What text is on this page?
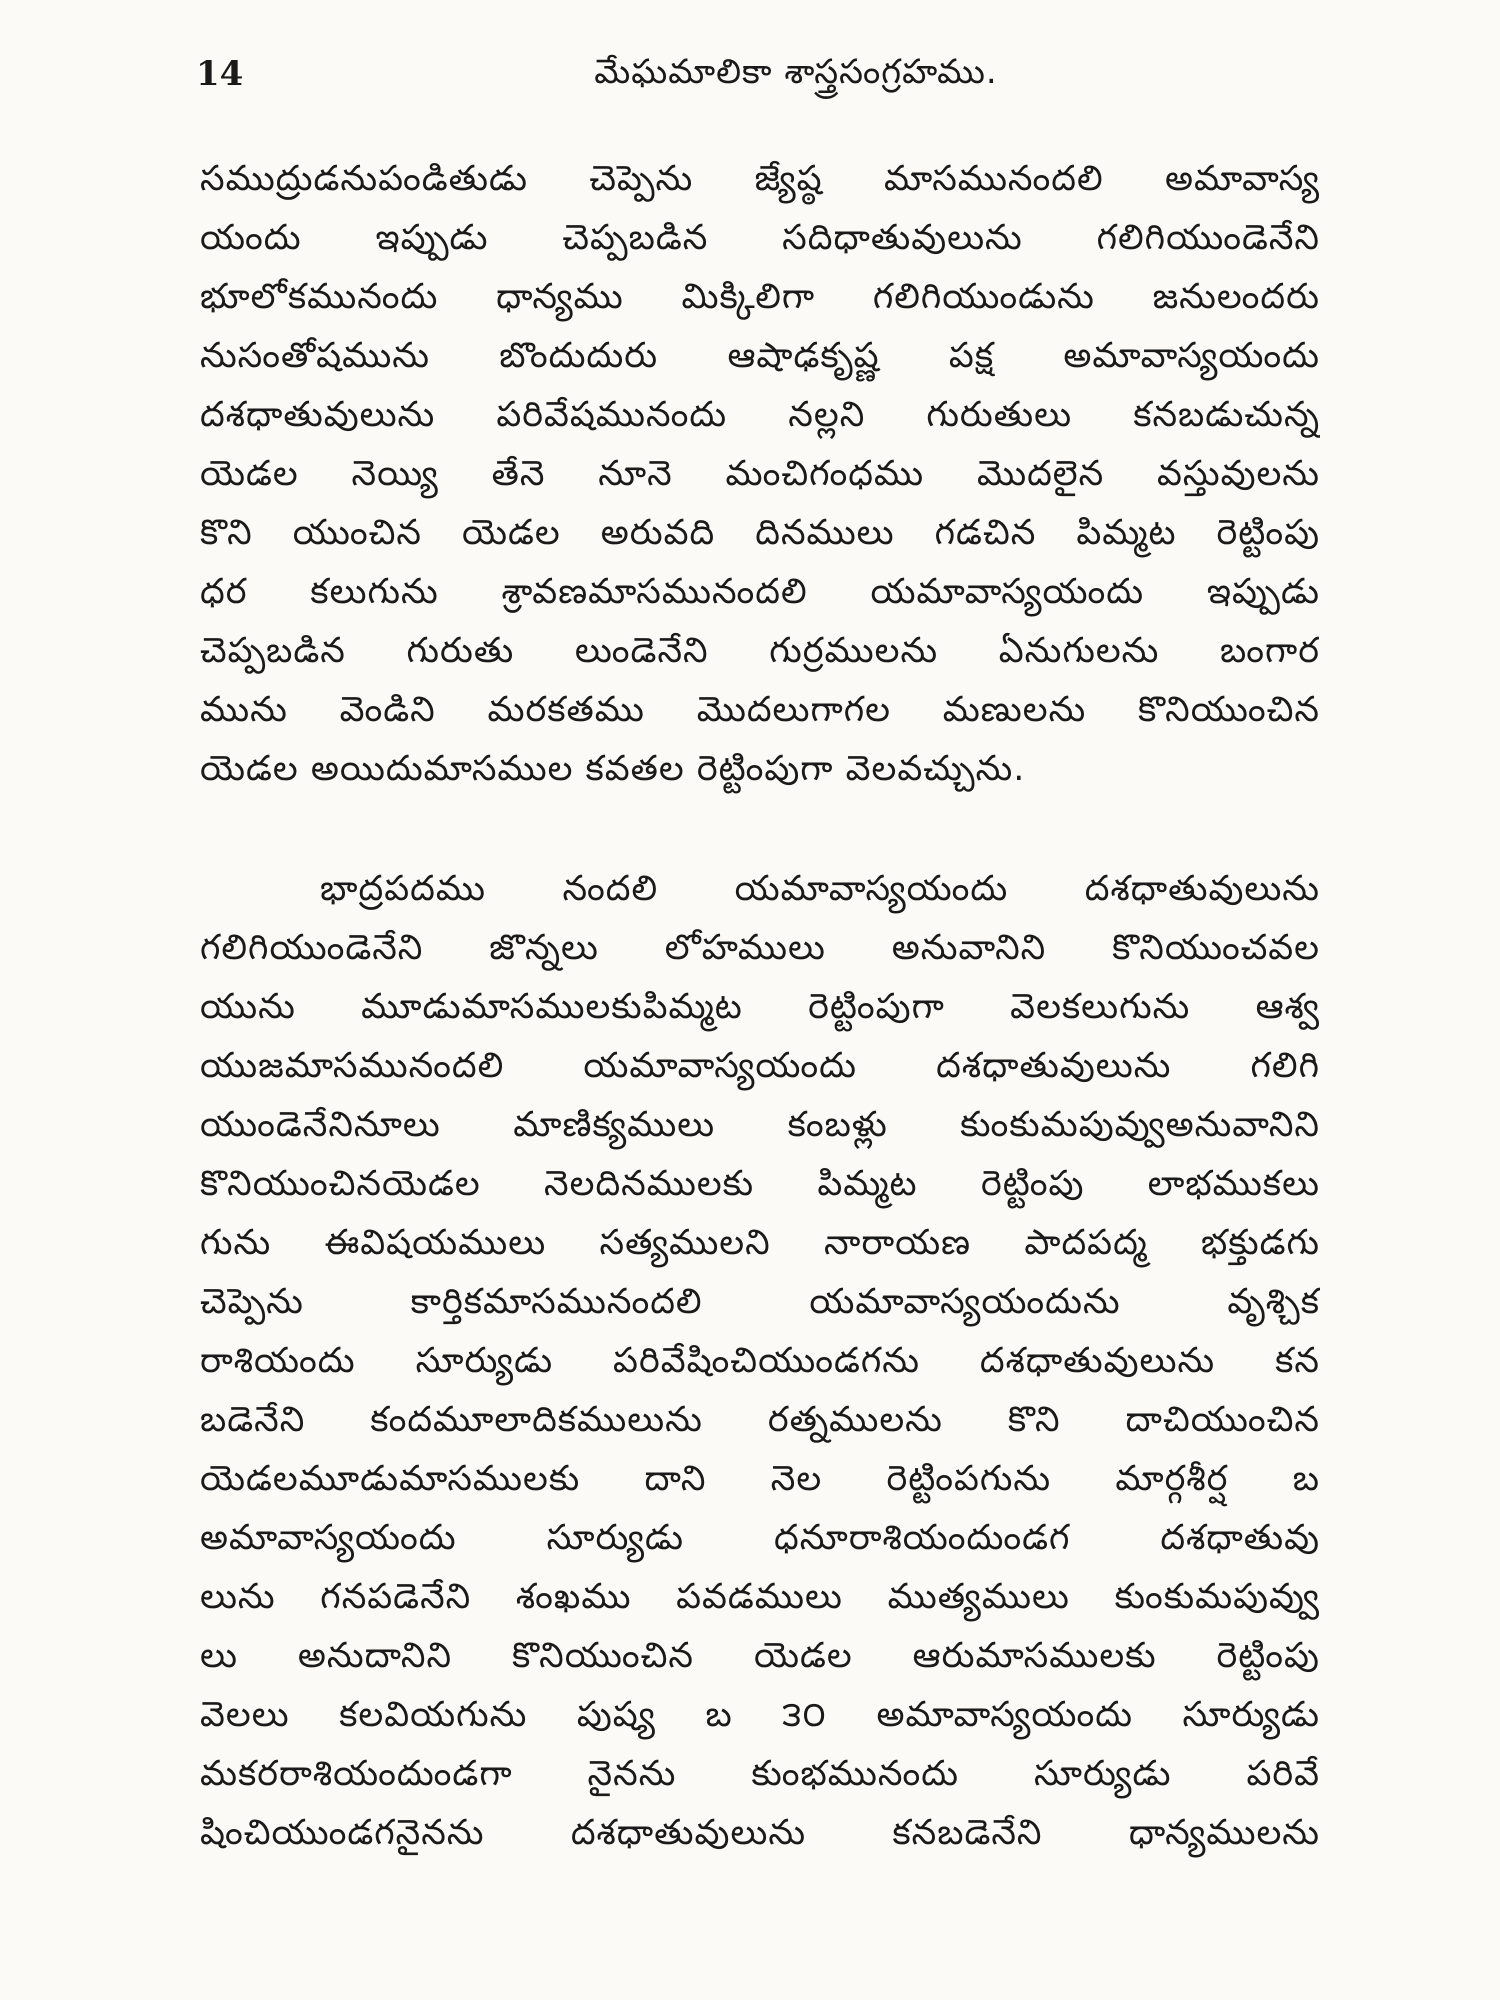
14	మేఘమాలికా శాస్త్రసంగ్రహము.
సముద్రుడనుపండితుడు చెప్పెను జ్యేష్ఠ మాసమునందలి అమావాస్య
యందు ఇప్పుడు చెప్పబడిన సదిధాతువులును గలిగియుండెనేని
భూలోకమునందు ధాన్యము మిక్కిలిగా గలిగియుండును జనులందరు
నుసంతోషమును బొందుదురు ఆషాఢకృష్ణ పక్ష అమావాస్యయందు
దశధాతువులును పరివేషమునందు నల్లని గురుతులు కనబడుచున్న
యెడల నెయ్యి తేనె నూనె మంచిగంధము మొదలైన వస్తువులను
కొని యుంచిన యెడల అరువది దినములు గడచిన పిమ్మట రెట్టింపు
ధర కలుగును శ్రావణమాసమునందలి యమావాస్యయందు ఇప్పుడు
చెప్పబడిన గురుతు లుండెనేని గుర్రములను ఏనుగులను బంగార
మును వెండిని మరకతము మొదలుగాగల మణులను కొనియుంచిన
యెడల అయిదుమాసముల కవతల రెట్టింపుగా వెలవచ్చును.
భాద్రపదము నందలి యమావాస్యయందు దశధాతువులును
గలిగియుండెనేని జొన్నలు లోహములు అనువానిని కొనియుంచవల
యును మూడుమాసములకుపిమ్మట రెట్టింపుగా వెలకలుగును ఆశ్వ
యుజమాసమునందలి యమావాస్యయందు దశధాతువులును గలిగి
యుండెనేనినూలు మాణిక్యములు కంబళ్లు కుంకుమపువ్వుఅనువానిని
కొనియుంచినయెడల నెలదినములకు పిమ్మట రెట్టింపు లాభముకలు
గును ఈవిషయములు సత్యములని నారాయణ పాదపద్మ భక్తుడగు
చెప్పెను కార్తికమాసమునందలి యమావాస్యయందును వృశ్చిక
రాశియందు సూర్యుడు పరివేషించియుండగను దశధాతువులును కన
బడెనేని కందమూలాదికములును రత్నములను కొని దాచియుంచిన
యెడలమూడుమాసములకు దాని నెల రెట్టింపగును మార్గశీర్ష బ
అమావాస్యయందు సూర్యుడు ధనూరాశియందుండగ దశధాతువు
లును గనపడెనేని శంఖము పవడములు ముత్యములు కుంకుమపువ్వు
లు అనుదానిని కొనియుంచిన యెడల ఆరుమాసములకు రెట్టింపు
వెలలు కలవియగును పుష్య బ ౩౦ అమావాస్యయందు సూర్యుడు
మకరరాశియందుండగా నైనను కుంభమునందు సూర్యుడు పరివే
షించియుండగనైనను దశధాతువులును కనబడెనేని ధాన్యములను
